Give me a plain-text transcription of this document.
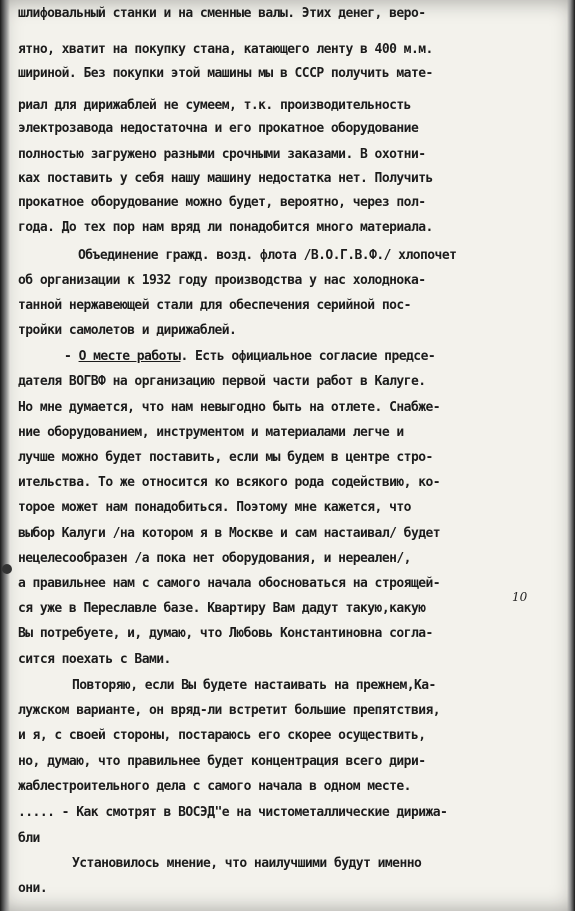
шлифовальный станки и на сменные валы. Этих денег, веро-
ятно, хватит на покупку стана, катающего ленту в 400 м.м.
шириной. Без покупки этой машины мы в СССР получить мате-
риал для дирижаблей не сумеем, т.к. производительность
электрозавода недостаточна и его прокатное оборудование
полностью загружено разными срочными заказами. В охотни-
ках поставить у себя нашу машину недостатка нет. Получить
прокатное оборудование можно будет, вероятно, через пол-
года. До тех пор нам вряд ли понадобится много материала.
Объединение гражд. возд. флота /В.О.Г.В.Ф./ хлопочет
об организации к 1932 году производства у нас холоднока-
танной нержавеющей стали для обеспечения серийной пос-
тройки самолетов и дирижаблей.
- О месте работы. Есть официальное согласие предсе-
дателя ВОГВФ на организацию первой части работ в Калуге.
Но мне думается, что нам невыгодно быть на отлете. Снабже-
ние оборудованием, инструментом и материалами легче и
лучше можно будет поставить, если мы будем в центре стро-
ительства. То же относится ко всякого рода содействию, ко-
торое может нам понадобиться. Поэтому мне кажется, что
выбор Калуги /на котором я в Москве и сам настаивал/ будет
нецелесообразен /а пока нет оборудования, и нереален/,
а правильнее нам с самого начала обосноваться на строящей-
ся уже в Переславле базе. Квартиру Вам дадут такую,какую
Вы потребуете, и, думаю, что Любовь Константиновна согла-
сится поехать с Вами.
Повторяю, если Вы будете настаивать на прежнем,Ка-
лужском варианте, он вряд-ли встретит большие препятствия,
и я, с своей стороны, постараюсь его скорее осуществить,
но, думаю, что правильнее будет концентрация всего дири-
жаблестроительного дела с самого начала в одном месте.
..... - Как смотрят в ВОСЭД"е на чистометаллические дирижа-
бли
Установилось мнение, что наилучшими будут именно
они.
10
